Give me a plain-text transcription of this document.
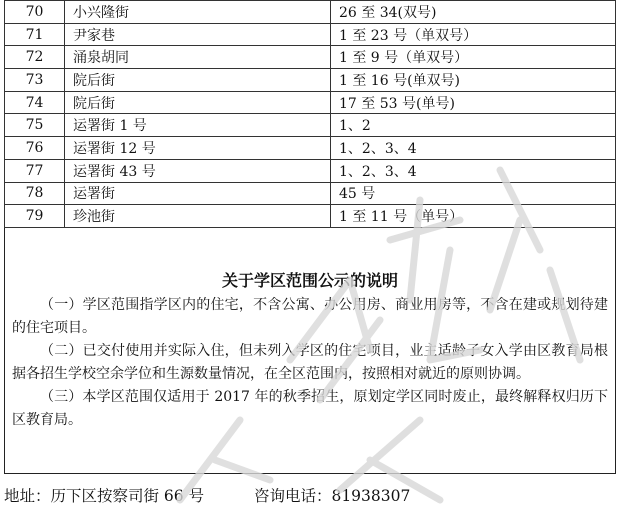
70	小兴隆街	26 至 34(双号)
71	尹家巷	1 至 23 号（单双号）
72	涌泉胡同	1 至 9 号（单双号）
73	院后街	1 至 16 号(单双号)
74	院后街	17 至 53 号(单号)
75	运署街 1 号	1、2
76	运署街 12 号	1、2、3、4
77	运署街 43 号	1、2、3、4
78	运署街	45 号
79	珍池街	1 至 11 号（单号）
关于学区范围公示的说明

（一）学区范围指学区内的住宅，不含公寓、办公用房、商业用房等，不含在建或规划待建的住宅项目。

（二）已交付使用并实际入住，但未列入学区的住宅项目，业主适龄子女入学由区教育局根据各招生学校空余学位和生源数量情况，在全区范围内，按照相对就近的原则协调。

（三）本学区范围仅适用于 2017 年的秋季招生，原划定学区同时废止，最终解释权归历下区教育局。

地址：历下区按察司街 66 号	咨询电话：81938307
